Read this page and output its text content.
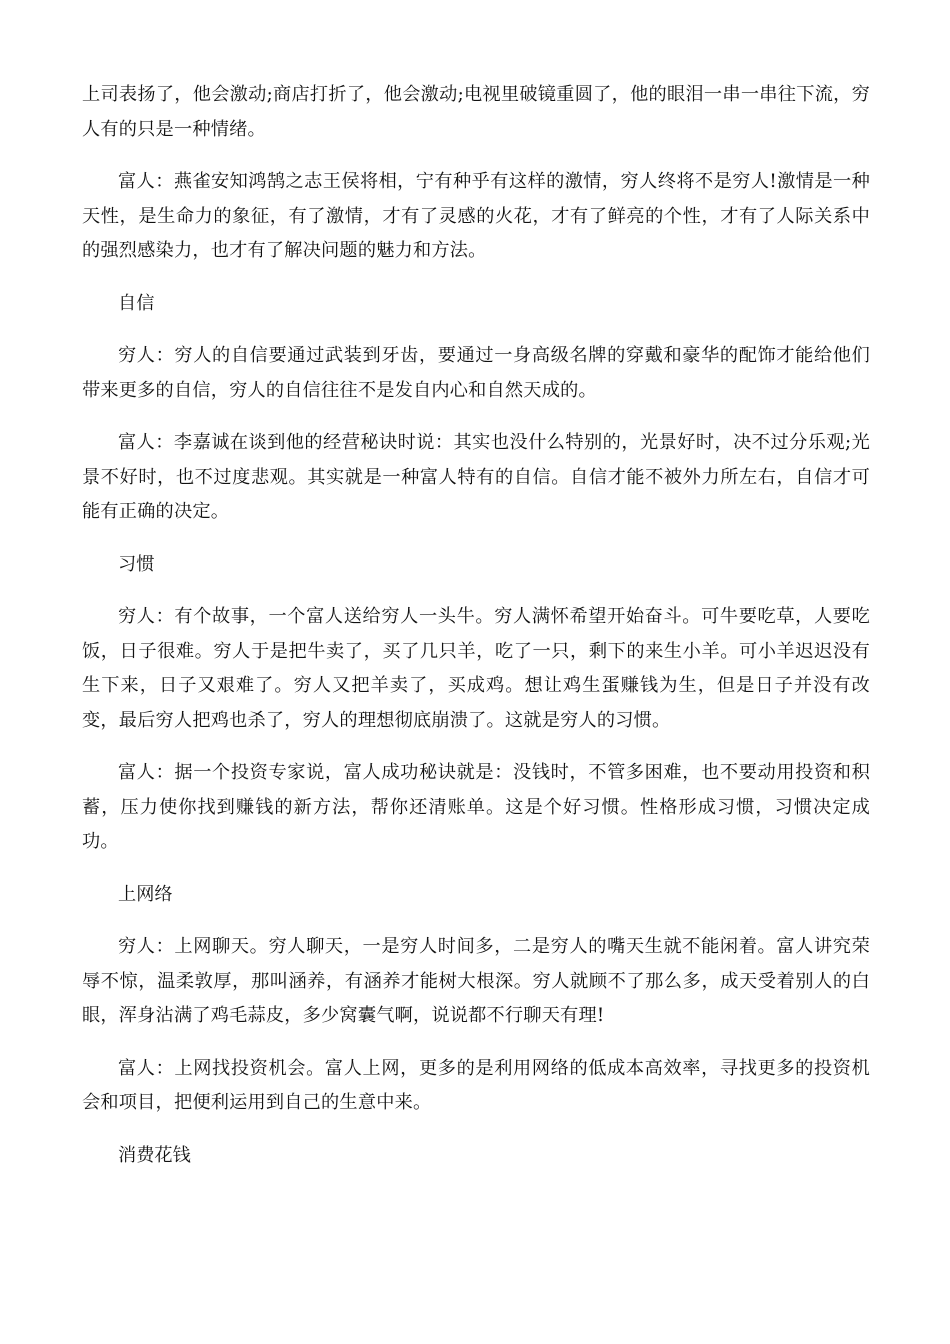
上司表扬了，他会激动;商店打折了，他会激动;电视里破镜重圆了，他的眼泪一串一串往下流，穷人有的只是一种情绪。

富人：燕雀安知鸿鹄之志王侯将相，宁有种乎有这样的激情，穷人终将不是穷人!激情是一种天性，是生命力的象征，有了激情，才有了灵感的火花，才有了鲜亮的个性，才有了人际关系中的强烈感染力，也才有了解决问题的魅力和方法。

自信

穷人：穷人的自信要通过武装到牙齿，要通过一身高级名牌的穿戴和豪华的配饰才能给他们带来更多的自信，穷人的自信往往不是发自内心和自然天成的。

富人：李嘉诚在谈到他的经营秘诀时说：其实也没什么特别的，光景好时，决不过分乐观;光景不好时，也不过度悲观。其实就是一种富人特有的自信。自信才能不被外力所左右，自信才可能有正确的决定。

习惯

穷人：有个故事，一个富人送给穷人一头牛。穷人满怀希望开始奋斗。可牛要吃草，人要吃饭，日子很难。穷人于是把牛卖了，买了几只羊，吃了一只，剩下的来生小羊。可小羊迟迟没有生下来，日子又艰难了。穷人又把羊卖了，买成鸡。想让鸡生蛋赚钱为生，但是日子并没有改变，最后穷人把鸡也杀了，穷人的理想彻底崩溃了。这就是穷人的习惯。

富人：据一个投资专家说，富人成功秘诀就是：没钱时，不管多困难，也不要动用投资和积蓄，压力使你找到赚钱的新方法，帮你还清账单。这是个好习惯。性格形成习惯，习惯决定成功。

上网络

穷人：上网聊天。穷人聊天，一是穷人时间多，二是穷人的嘴天生就不能闲着。富人讲究荣辱不惊，温柔敦厚，那叫涵养，有涵养才能树大根深。穷人就顾不了那么多，成天受着别人的白眼，浑身沾满了鸡毛蒜皮，多少窝囊气啊，说说都不行聊天有理!

富人：上网找投资机会。富人上网，更多的是利用网络的低成本高效率，寻找更多的投资机会和项目，把便利运用到自己的生意中来。

消费花钱
